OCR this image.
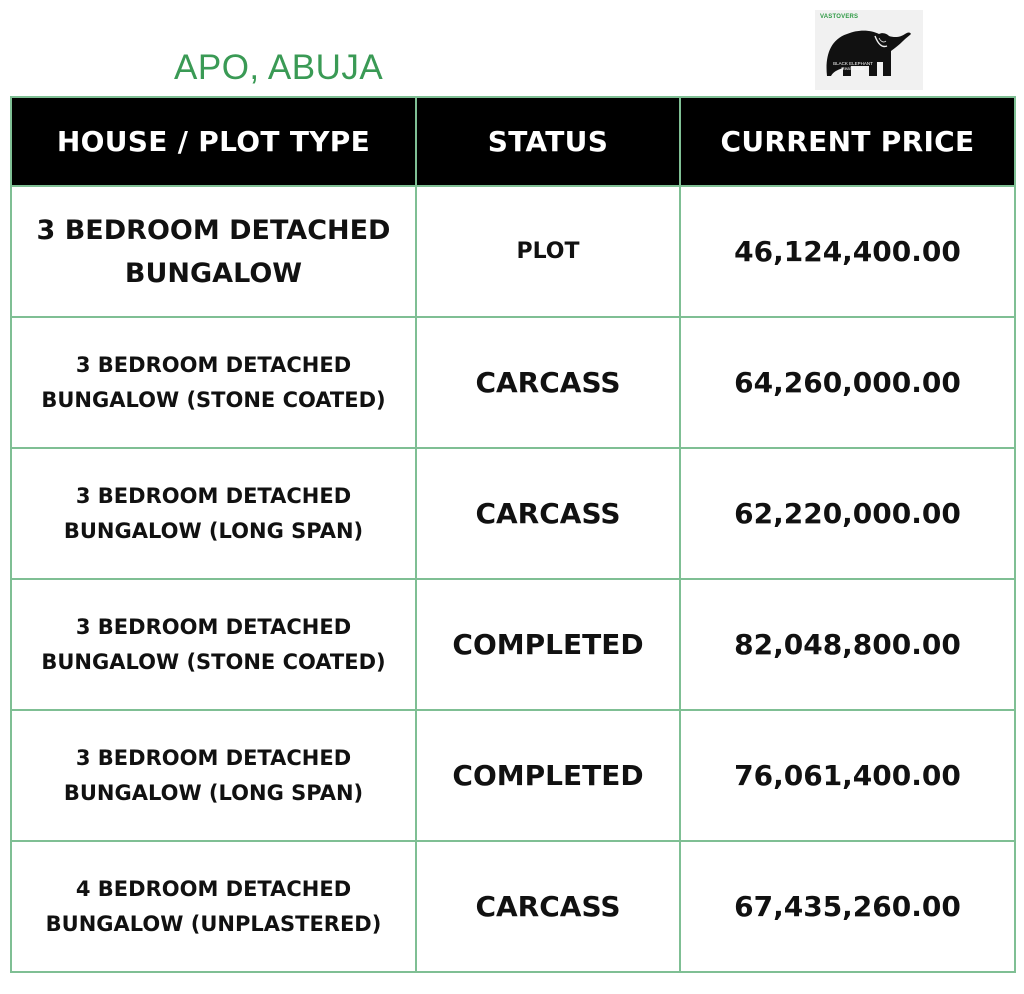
APO, ABUJA
VASTOVERS
BLACK ELEPHANT
Real Estate
HOUSE / PLOT TYPE	STATUS	CURRENT PRICE

3 BEDROOM DETACHED
BUNGALOW	PLOT	46,124,400.00

3 BEDROOM DETACHED
BUNGALOW (STONE COATED)	CARCASS	64,260,000.00

3 BEDROOM DETACHED
BUNGALOW (LONG SPAN)	CARCASS	62,220,000.00

3 BEDROOM DETACHED
BUNGALOW (STONE COATED)	COMPLETED	82,048,800.00

3 BEDROOM DETACHED
BUNGALOW (LONG SPAN)	COMPLETED	76,061,400.00

4 BEDROOM DETACHED
BUNGALOW (UNPLASTERED)	CARCASS	67,435,260.00
